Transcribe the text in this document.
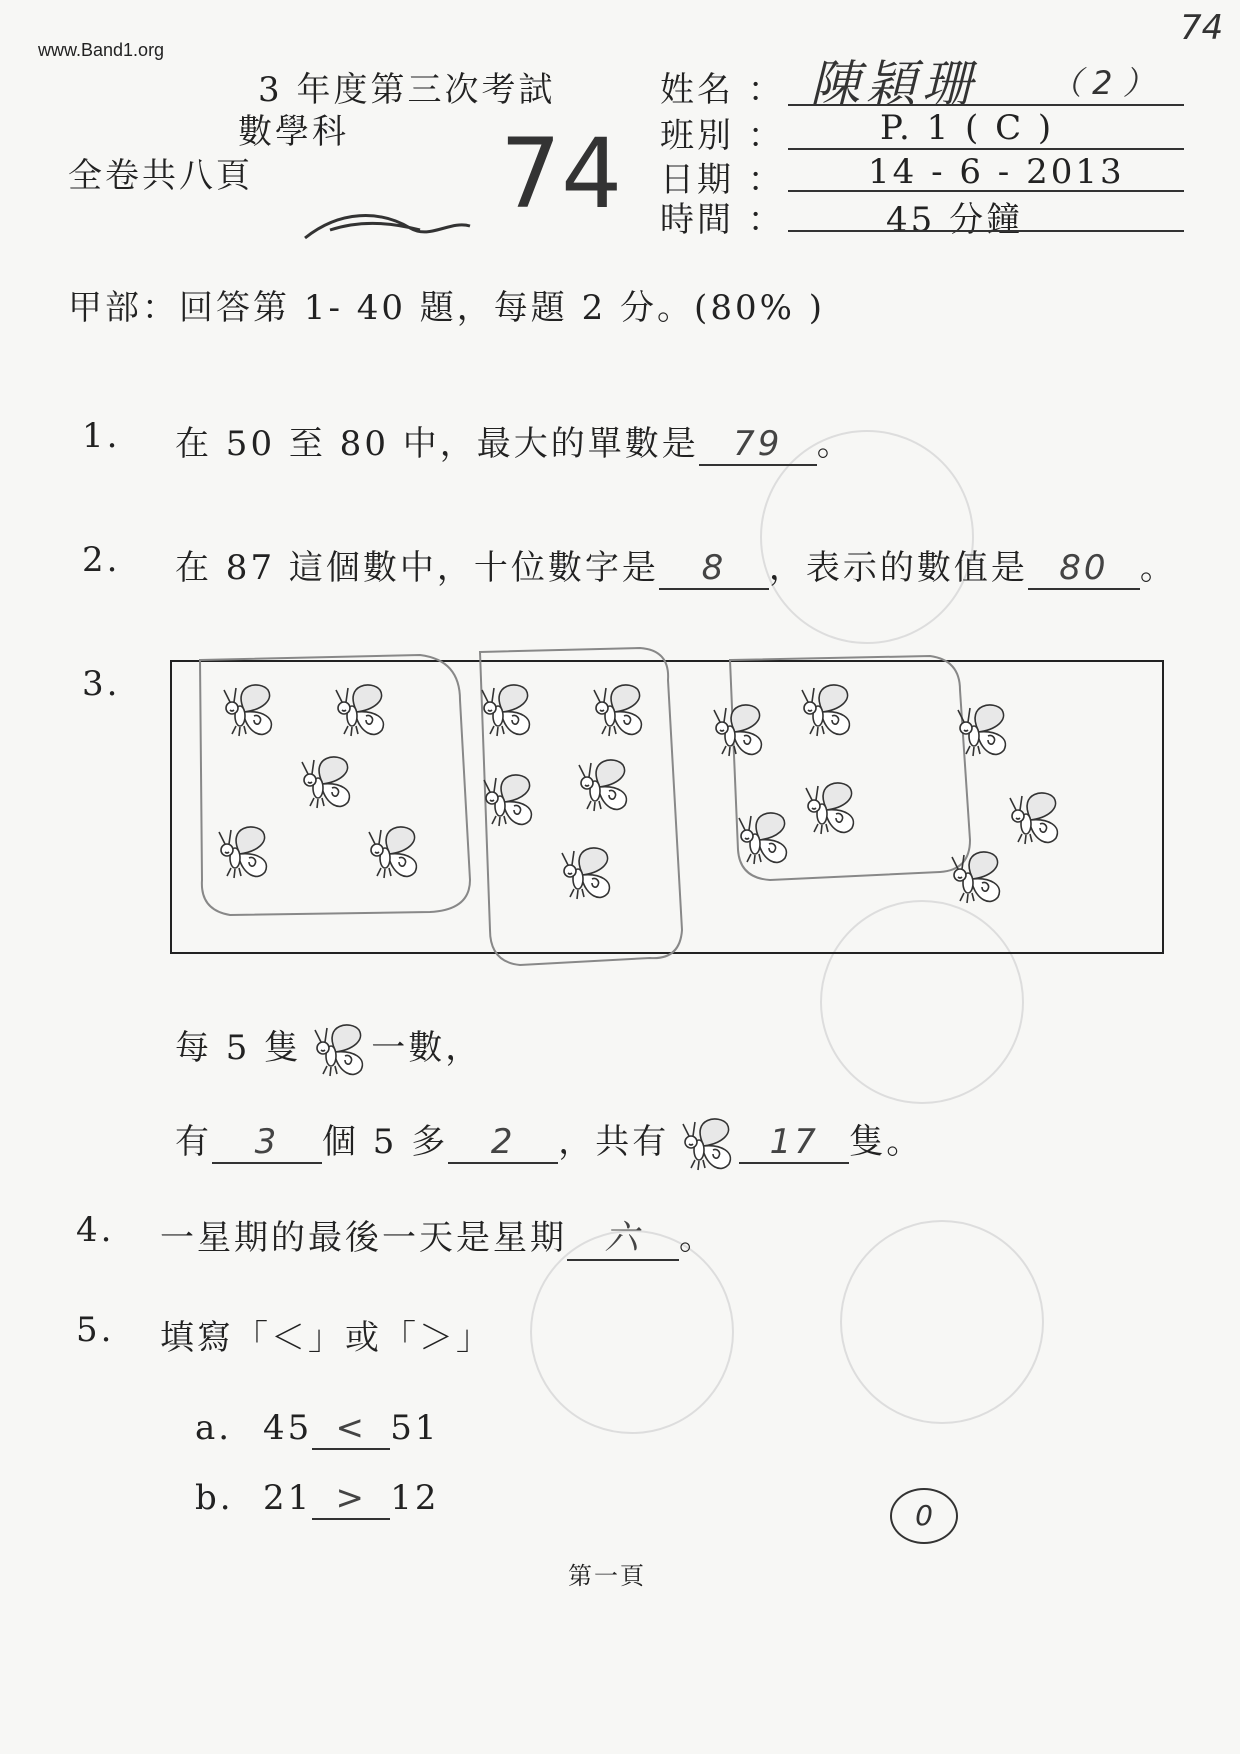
www.Band1.org
74
3 年度第三次考試
數學科
全卷共八頁	74
姓名 ： 陳穎珊 （ 2 ）
班別 ：	P. 1 ( C )
日期 ： 14 - 6 - 2013
時間 ：	45 分鐘
甲部：回答第 1- 40 題，每題 2 分。(80% )
1. 在 50 至 80 中，最大的單數是 79 。
2. 在 87 這個數中，十位數字是 8 ，表示的數值是 80 。
3.
每 5 隻 一數，
有 3 個 5 多 2 ，共有	17 隻。
4. 一星期的最後一天是星期 六 。
5. 填寫「＜」或「＞」
a. 45 < 51
b. 21 > 12
第一頁
0
